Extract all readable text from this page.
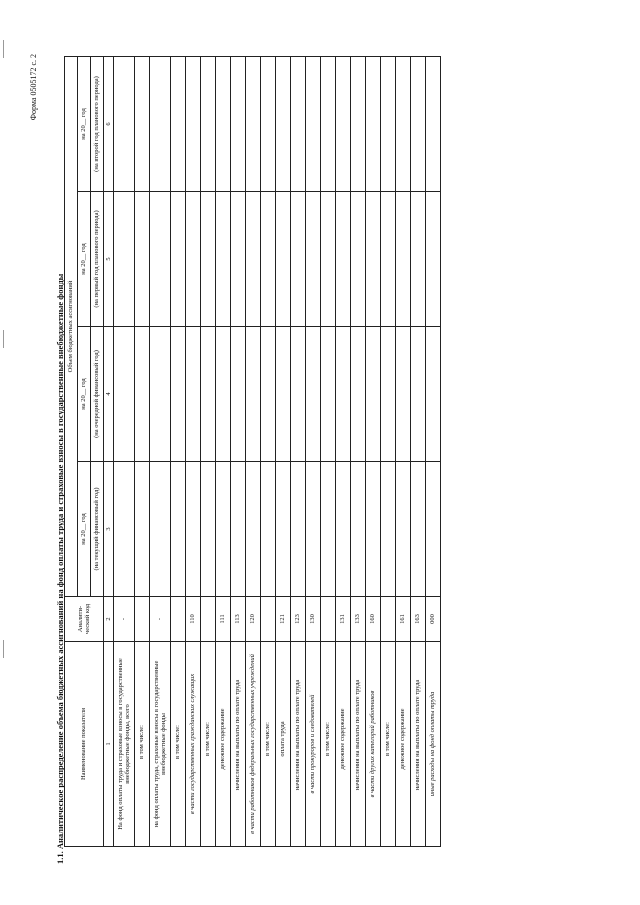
Форма 0505172 с. 2
1.1. Аналитическое распределение объема бюджетных ассигнований на фонд оплаты труда и страховые взносы в государственные внебюджетные фонды Наименование показателя	Аналити-ческий код	Объем бюджетных ассигнований			
		на 20__ год	на 20__ год	на 20__ год	на 20__ год
		(на текущий финансовый год)	(на очередной финансовый год)	(на первый год планового периода)	(на второй год планового периода)
1	2	3	4	5	6
На фонд оплаты труда и страховые взносы в государственные внебюджетные фонды, всего	-				
в том числе:					
на фонд оплаты труда, страховые взносы в государственные внебюджетные фонды	-				
в том числе:					
в части государственных гражданских служащих	110				
в том числе:					
денежное содержание	111				
начисления на выплаты по оплате труда	113				
в части работников федеральных государственных учреждений	120				
в том числе:					
оплата труда	121				
начисления на выплаты по оплате труда	123				
в части прокуроров и следователей	130				
в том числе:					
денежное содержание	131				
начисления на выплаты по оплате труда	133				
в части других категорий работников	160				
в том числе:					
денежное содержание	161				
начисления на выплаты по оплате труда	163				
иные расходы на фонд оплаты труда	000				
